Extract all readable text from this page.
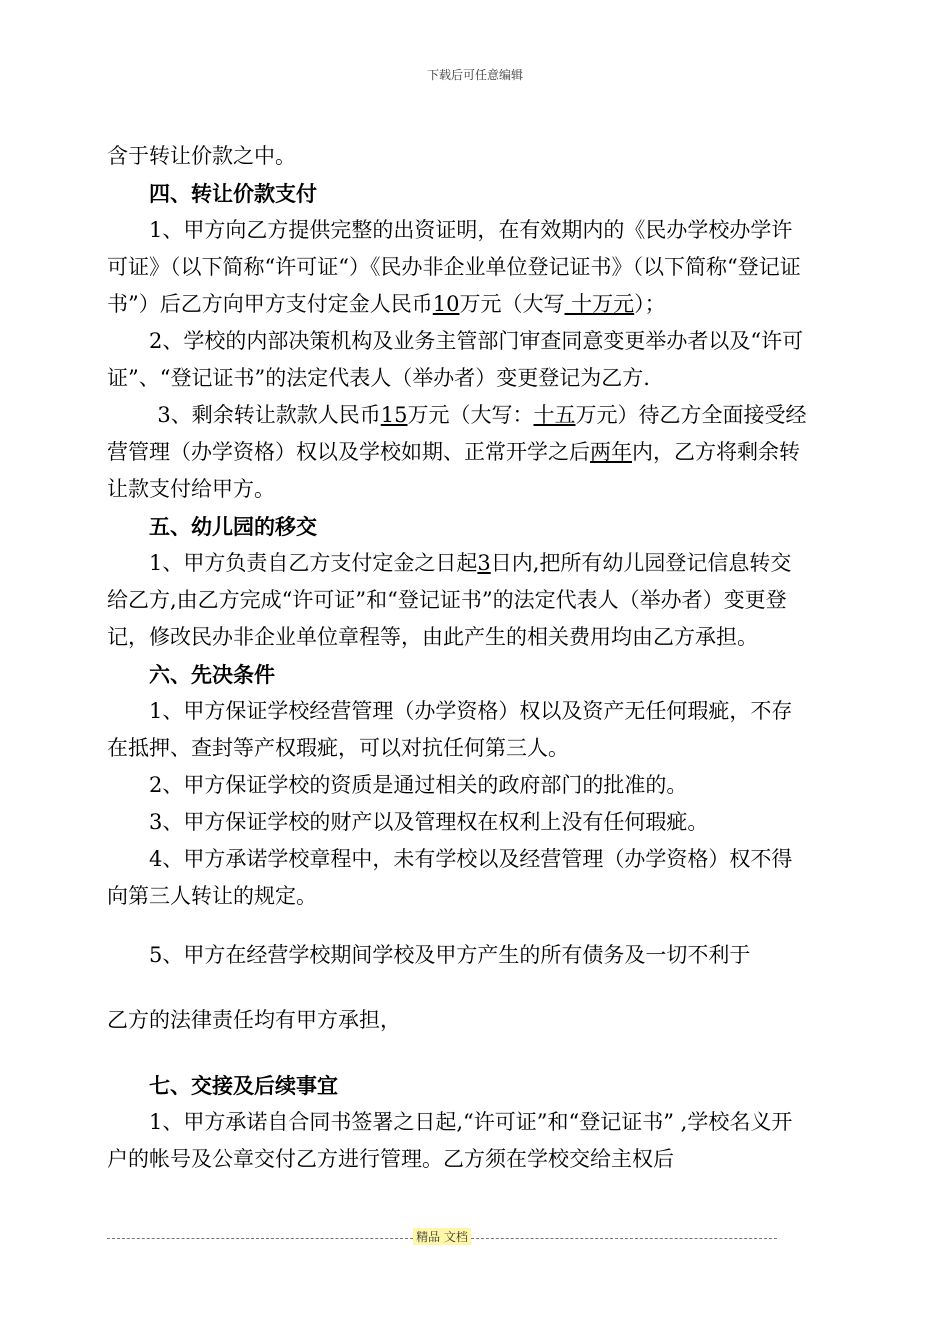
下载后可任意编辑

含于转让价款之中。

四、转让价款支付

1、甲方向乙方提供完整的出资证明，在有效期内的《民办学校办学许可证》（以下简称“许可证“）《民办非企业单位登记证书》（以下简称“登记证书”）后乙方向甲方支付定金人民币10万元（大写 十万元）；

2、学校的内部决策机构及业务主管部门审查同意变更举办者以及“许可证”、“登记证书”的法定代表人（举办者）变更登记为乙方.

3、剩余转让款款人民币15万元（大写：十五万元）待乙方全面接受经营管理（办学资格）权以及学校如期、正常开学之后两年内，乙方将剩余转让款支付给甲方。

五、幼儿园的移交

1、甲方负责自乙方支付定金之日起3日内,把所有幼儿园登记信息转交给乙方,由乙方完成“许可证”和“登记证书”的法定代表人（举办者）变更登记，修改民办非企业单位章程等，由此产生的相关费用均由乙方承担。

六、先决条件

1、甲方保证学校经营管理（办学资格）权以及资产无任何瑕疵，不存在抵押、查封等产权瑕疵，可以对抗任何第三人。

2、甲方保证学校的资质是通过相关的政府部门的批准的。

3、甲方保证学校的财产以及管理权在权利上没有任何瑕疵。

4、甲方承诺学校章程中，未有学校以及经营管理（办学资格）权不得向第三人转让的规定。

5、甲方在经营学校期间学校及甲方产生的所有债务及一切不利于

乙方的法律责任均有甲方承担，

七、交接及后续事宜

1、甲方承诺自合同书签署之日起,“许可证”和“登记证书” ,学校名义开户的帐号及公章交付乙方进行管理。乙方须在学校交给主权后

精品 文档
